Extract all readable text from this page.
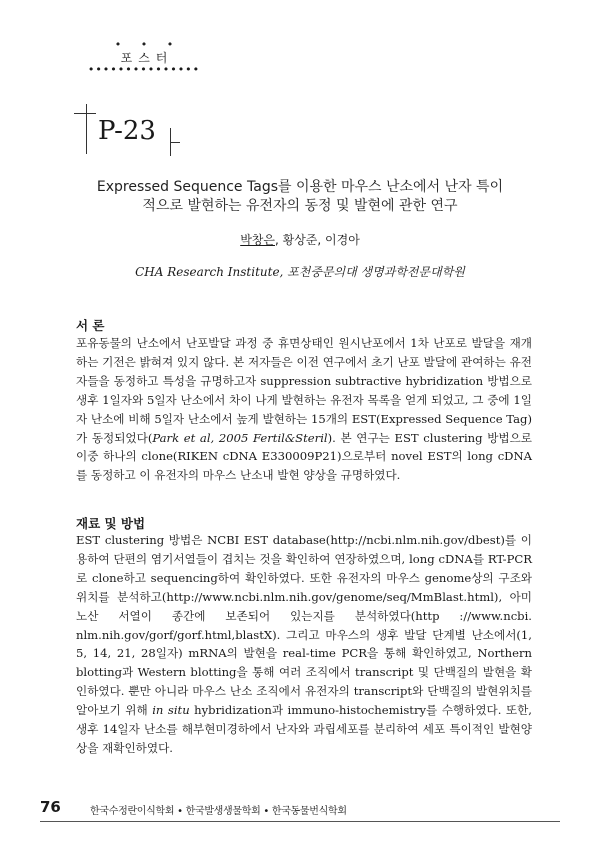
• • •
포스터
•••••••••••••••
P-23
Expressed Sequence Tags를 이용한 마우스 난소에서 난자 특이
적으로 발현하는 유전자의 동정 및 발현에 관한 연구
박창은, 황상준, 이경아
CHA Research Institute, 포천중문의대 생명과학전문대학원
서 론
포유동물의 난소에서 난포발달 과정 중 휴면상태인 원시난포에서 1차 난포로 발달을 재개하는 기전은 밝혀져 있지 않다. 본 저자들은 이전 연구에서 초기 난포 발달에 관여하는 유전자들을 동정하고 특성을 규명하고자 suppression subtractive hybridization 방법으로 생후 1일자와 5일자 난소에서 차이 나게 발현하는 유전자 목록을 얻게 되었고, 그 중에 1일자 난소에 비해 5일자 난소에서 높게 발현하는 15개의 EST(Expressed Sequence Tag)가 동정되었다(Park et al, 2005 Fertil&Steril). 본 연구는 EST clustering 방법으로 이중 하나의 clone(RIKEN cDNA E330009P21)으로부터 novel EST의 long cDNA를 동정하고 이 유전자의 마우스 난소내 발현 양상을 규명하였다.
재료 및 방법
EST clustering 방법은 NCBI EST database(http://ncbi.nlm.nih.gov/dbest)를 이용하여 단편의 염기서열들이 겹치는 것을 확인하여 연장하였으며, long cDNA를 RT-PCR로 clone하고 sequencing하여 확인하였다. 또한 유전자의 마우스 genome상의 구조와 위치를 분석하고(http://www.ncbi.nlm.nih.gov/genome/seq/MmBlast.html), 아미노산 서열이 종간에 보존되어 있는지를 분석하였다(http ://www.ncbi. nlm.nih.gov/gorf/gorf.html,blastX). 그리고 마우스의 생후 발달 단계별 난소에서(1, 5, 14, 21, 28일자) mRNA의 발현을 real-time PCR을 통해 확인하였고, Northern blotting과 Western blotting을 통해 여러 조직에서 transcript 및 단백질의 발현을 확인하였다. 뿐만 아니라 마우스 난소 조직에서 유전자의 transcript와 단백질의 발현위치를 알아보기 위해 in situ hybridization과 immuno-histochemistry를 수행하였다. 또한, 생후 14일자 난소를 해부현미경하에서 난자와 과립세포를 분리하여 세포 특이적인 발현양상을 재확인하였다.
76	한국수정란이식학회 • 한국발생생물학회 • 한국동물번식학회
